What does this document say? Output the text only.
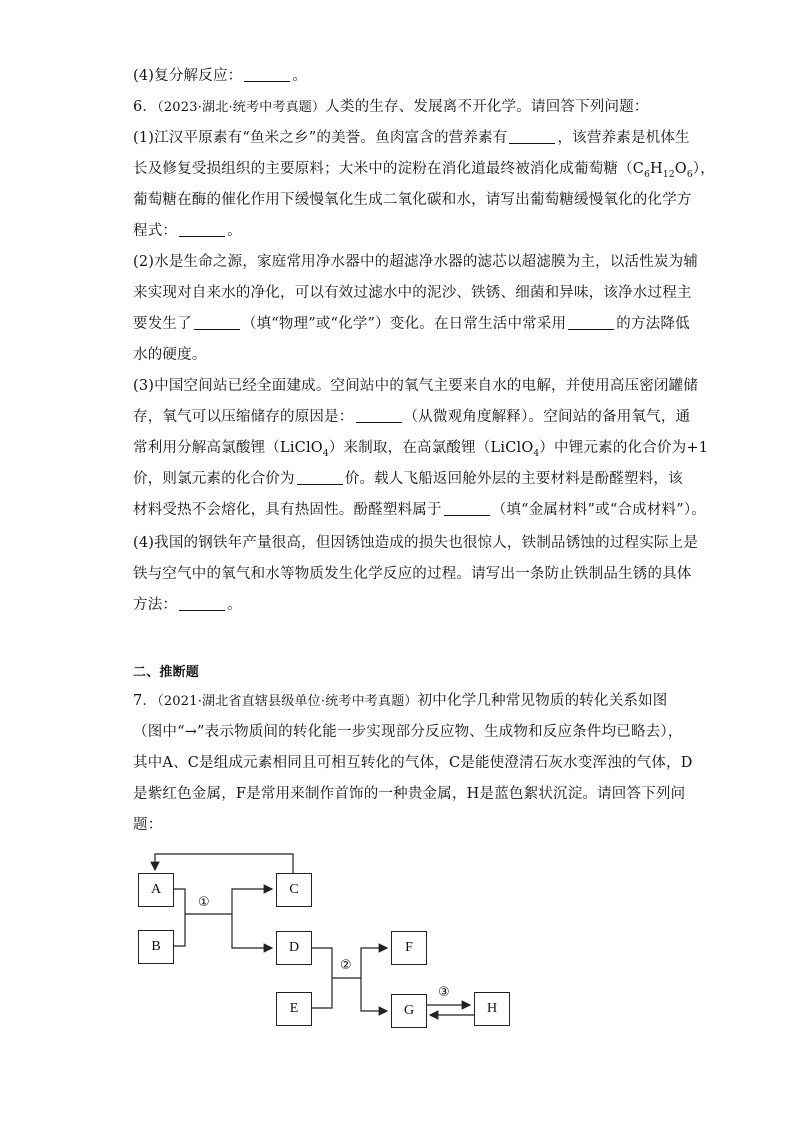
(4)复分解反应：	。
6．（2023·湖北·统考中考真题）人类的生存、发展离不开化学。请回答下列问题：
(1)江汉平原素有“鱼米之乡”的美誉。鱼肉富含的营养素有	，该营养素是机体生
长及修复受损组织的主要原料；大米中的淀粉在消化道最终被消化成葡萄糖$(C_6H_{12}O_6)$，
葡萄糖在酶的催化作用下缓慢氧化生成二氧化碳和水，请写出葡萄糖缓慢氧化的化学方
程式：	。
(2)水是生命之源，家庭常用净水器中的超滤净水器的滤芯以超滤膜为主，以活性炭为辅
来实现对自来水的净化，可以有效过滤水中的泥沙、铁锈、细菌和异味，该净水过程主
要发生了	（填“物理”或“化学”）变化。在日常生活中常采用	的方法降低
水的硬度。
(3)中国空间站已经全面建成。空间站中的氧气主要来自水的电解，并使用高压密闭罐储
存，氧气可以压缩储存的原因是：	（从微观角度解释）。空间站的备用氧气，通
常利用分解高氯酸锂（LiClO$_4$）来制取，在高氯酸锂（LiClO$_4$）中锂元素的化合价为+1
价，则氯元素的化合价为	价。载人飞船返回舱外层的主要材料是酚醛塑料，该
材料受热不会熔化，具有热固性。酚醛塑料属于	（填“金属材料”或“合成材料”）。
(4)我国的钢铁年产量很高，但因锈蚀造成的损失也很惊人，铁制品锈蚀的过程实际上是
铁与空气中的氧气和水等物质发生化学反应的过程。请写出一条防止铁制品生锈的具体
方法：	。
二、推断题
7．（2021·湖北省直辖县级单位·统考中考真题）初中化学几种常见物质的转化关系如图
（图中“→”表示物质间的转化能一步实现部分反应物、生成物和反应条件均已略去），
其中A、C是组成元素相同且可相互转化的气体，C是能使澄清石灰水变浑浊的气体，D
是紫红色金属，F是常用来制作首饰的一种贵金属，H是蓝色絮状沉淀。请回答下列问
题：
A
B
C
D
E
F
G	H
①
②
③
